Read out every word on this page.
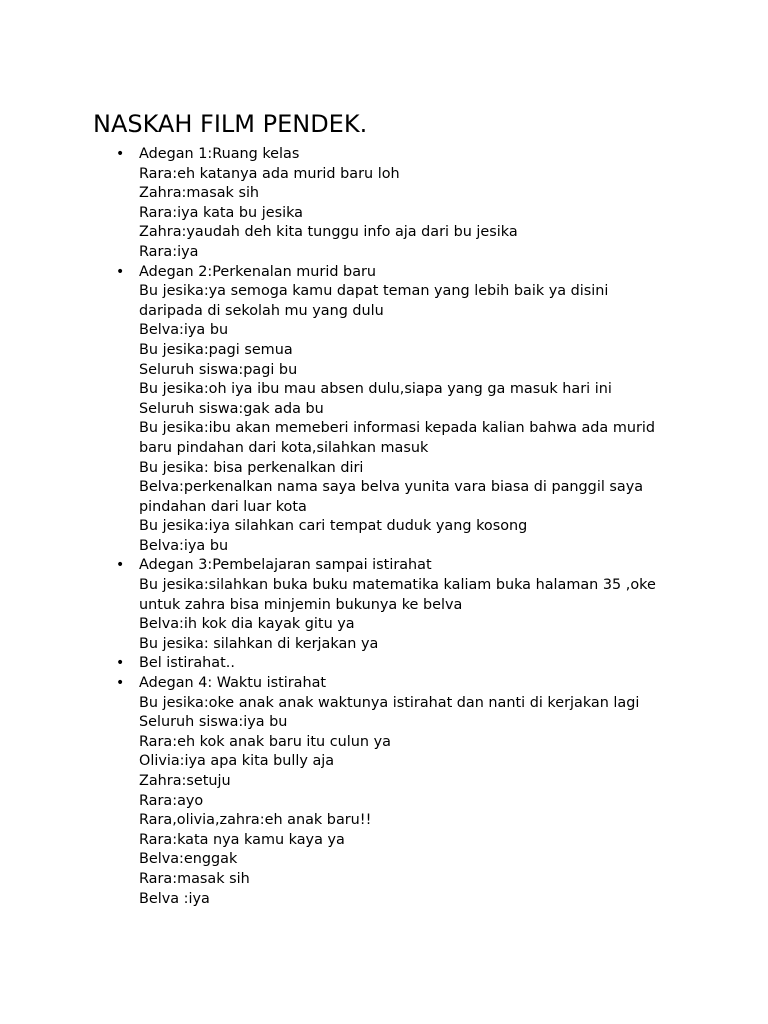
NASKAH FILM PENDEK.
• Adegan 1:Ruang kelas
Rara:eh katanya ada murid baru loh
Zahra:masak sih
Rara:iya kata bu jesika
Zahra:yaudah deh kita tunggu info aja dari bu jesika
Rara:iya
• Adegan 2:Perkenalan murid baru
Bu jesika:ya semoga kamu dapat teman yang lebih baik ya disini daripada di sekolah mu yang dulu
Belva:iya bu
Bu jesika:pagi semua
Seluruh siswa:pagi bu
Bu jesika:oh iya ibu mau absen dulu,siapa yang ga masuk hari ini
Seluruh siswa:gak ada bu
Bu jesika:ibu akan memeberi informasi kepada kalian bahwa ada murid baru pindahan dari kota,silahkan masuk
Bu jesika: bisa perkenalkan diri
Belva:perkenalkan nama saya belva yunita vara biasa di panggil saya pindahan dari luar kota
Bu jesika:iya silahkan cari tempat duduk yang kosong
Belva:iya bu
• Adegan 3:Pembelajaran sampai istirahat
Bu jesika:silahkan buka buku matematika kaliam buka halaman 35 ,oke untuk zahra bisa minjemin bukunya ke belva
Belva:ih kok dia kayak gitu ya
Bu jesika: silahkan di kerjakan ya
• Bel istirahat..
• Adegan 4: Waktu istirahat
Bu jesika:oke anak anak waktunya istirahat dan nanti di kerjakan lagi
Seluruh siswa:iya bu
Rara:eh kok anak baru itu culun ya
Olivia:iya apa kita bully aja
Zahra:setuju
Rara:ayo
Rara,olivia,zahra:eh anak baru!!
Rara:kata nya kamu kaya ya
Belva:enggak
Rara:masak sih
Belva :iya
